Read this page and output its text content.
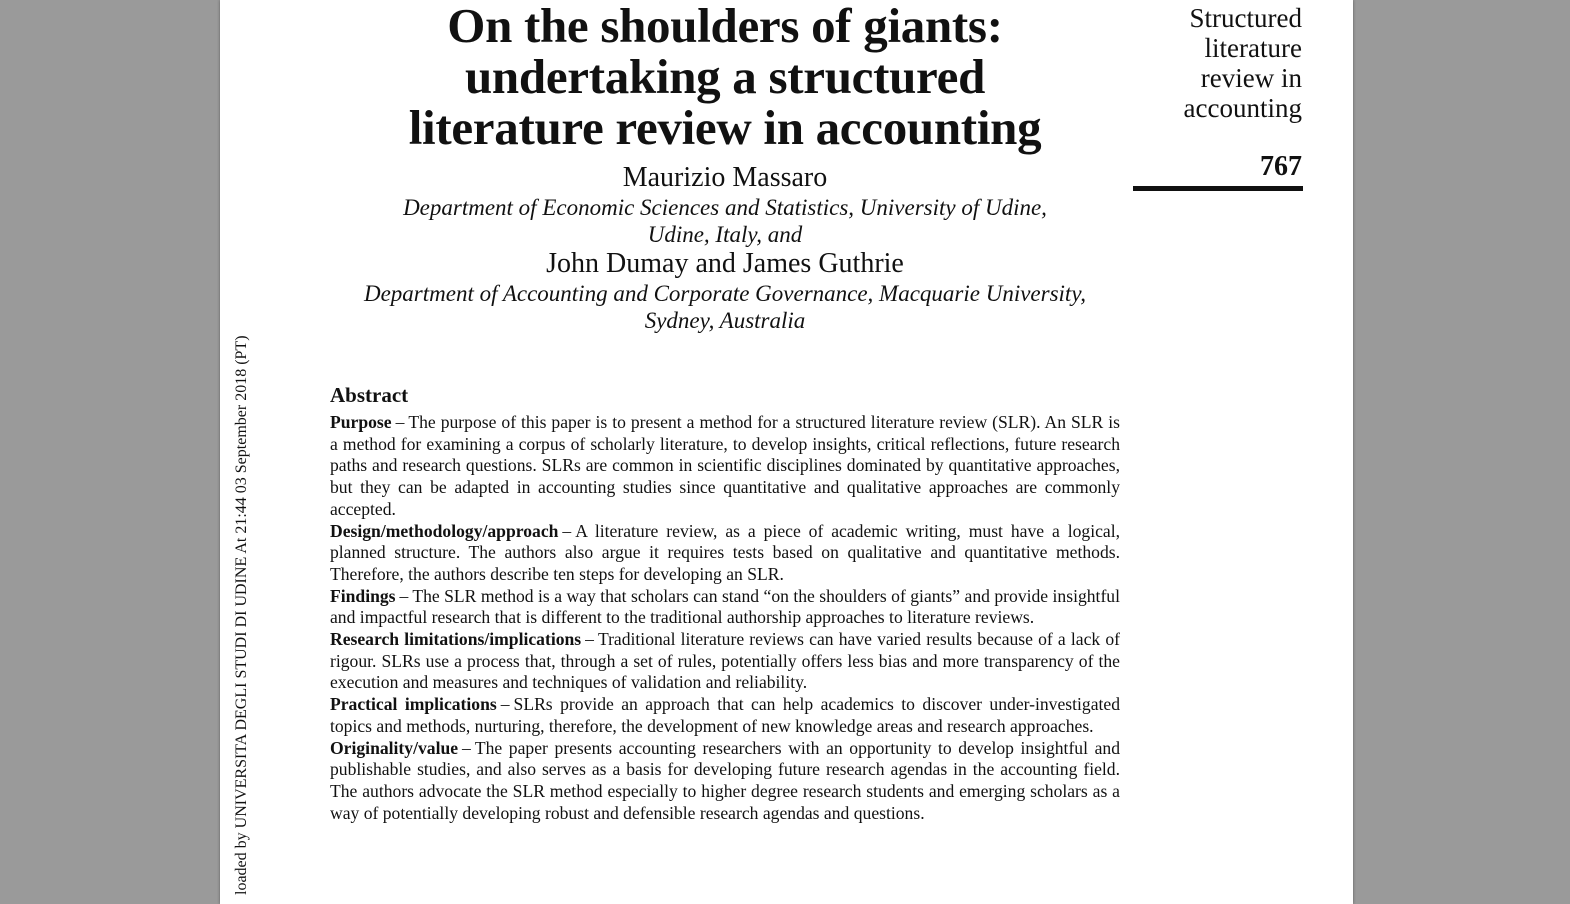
loaded by UNIVERSITA DEGLI STUDI DI UDINE At 21:44 03 September 2018 (PT)
On the shoulders of giants:
undertaking a structured
literature review in accounting
Structured
literature
review in
accounting
767
Maurizio Massaro
Department of Economic Sciences and Statistics, University of Udine,
Udine, Italy, and
John Dumay and James Guthrie
Department of Accounting and Corporate Governance, Macquarie University,
Sydney, Australia
Abstract
Purpose – The purpose of this paper is to present a method for a structured literature review (SLR). An SLR is a method for examining a corpus of scholarly literature, to develop insights, critical reflections, future research paths and research questions. SLRs are common in scientific disciplines dominated by quantitative approaches, but they can be adapted in accounting studies since quantitative and qualitative approaches are commonly accepted.
Design/methodology/approach – A literature review, as a piece of academic writing, must have a logical, planned structure. The authors also argue it requires tests based on qualitative and quantitative methods. Therefore, the authors describe ten steps for developing an SLR.
Findings – The SLR method is a way that scholars can stand “on the shoulders of giants” and provide insightful and impactful research that is different to the traditional authorship approaches to literature reviews.
Research limitations/implications – Traditional literature reviews can have varied results because of a lack of rigour. SLRs use a process that, through a set of rules, potentially offers less bias and more transparency of the execution and measures and techniques of validation and reliability.
Practical implications – SLRs provide an approach that can help academics to discover under-investigated topics and methods, nurturing, therefore, the development of new knowledge areas and research approaches.
Originality/value – The paper presents accounting researchers with an opportunity to develop insightful and publishable studies, and also serves as a basis for developing future research agendas in the accounting field. The authors advocate the SLR method especially to higher degree research students and emerging scholars as a way of potentially developing robust and defensible research agendas and questions.
